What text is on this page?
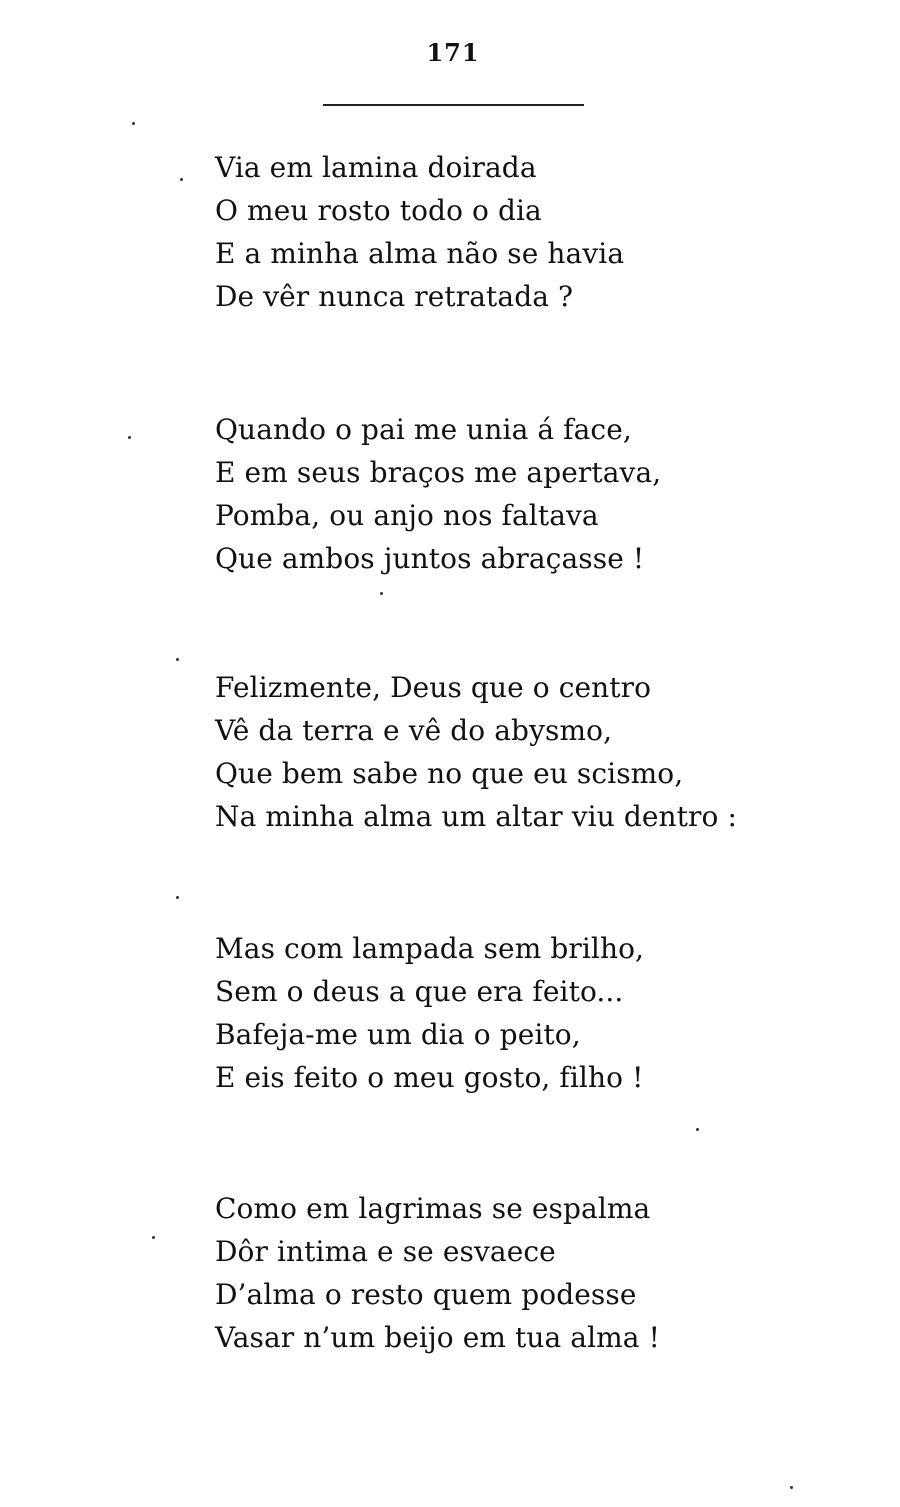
171
Via em lamina doirada
O meu rosto todo o dia
E a minha alma não se havia
De vêr nunca retratada ?
Quando o pai me unia á face,
E em seus braços me apertava,
Pomba, ou anjo nos faltava
Que ambos juntos abraçasse !
Felizmente, Deus que o centro
Vê da terra e vê do abysmo,
Que bem sabe no que eu scismo,
Na minha alma um altar viu dentro :
Mas com lampada sem brilho,
Sem o deus a que era feito...
Bafeja-me um dia o peito,
E eis feito o meu gosto, filho !
Como em lagrimas se espalma
Dôr intima e se esvaece
D’alma o resto quem podesse
Vasar n’um beijo em tua alma !
